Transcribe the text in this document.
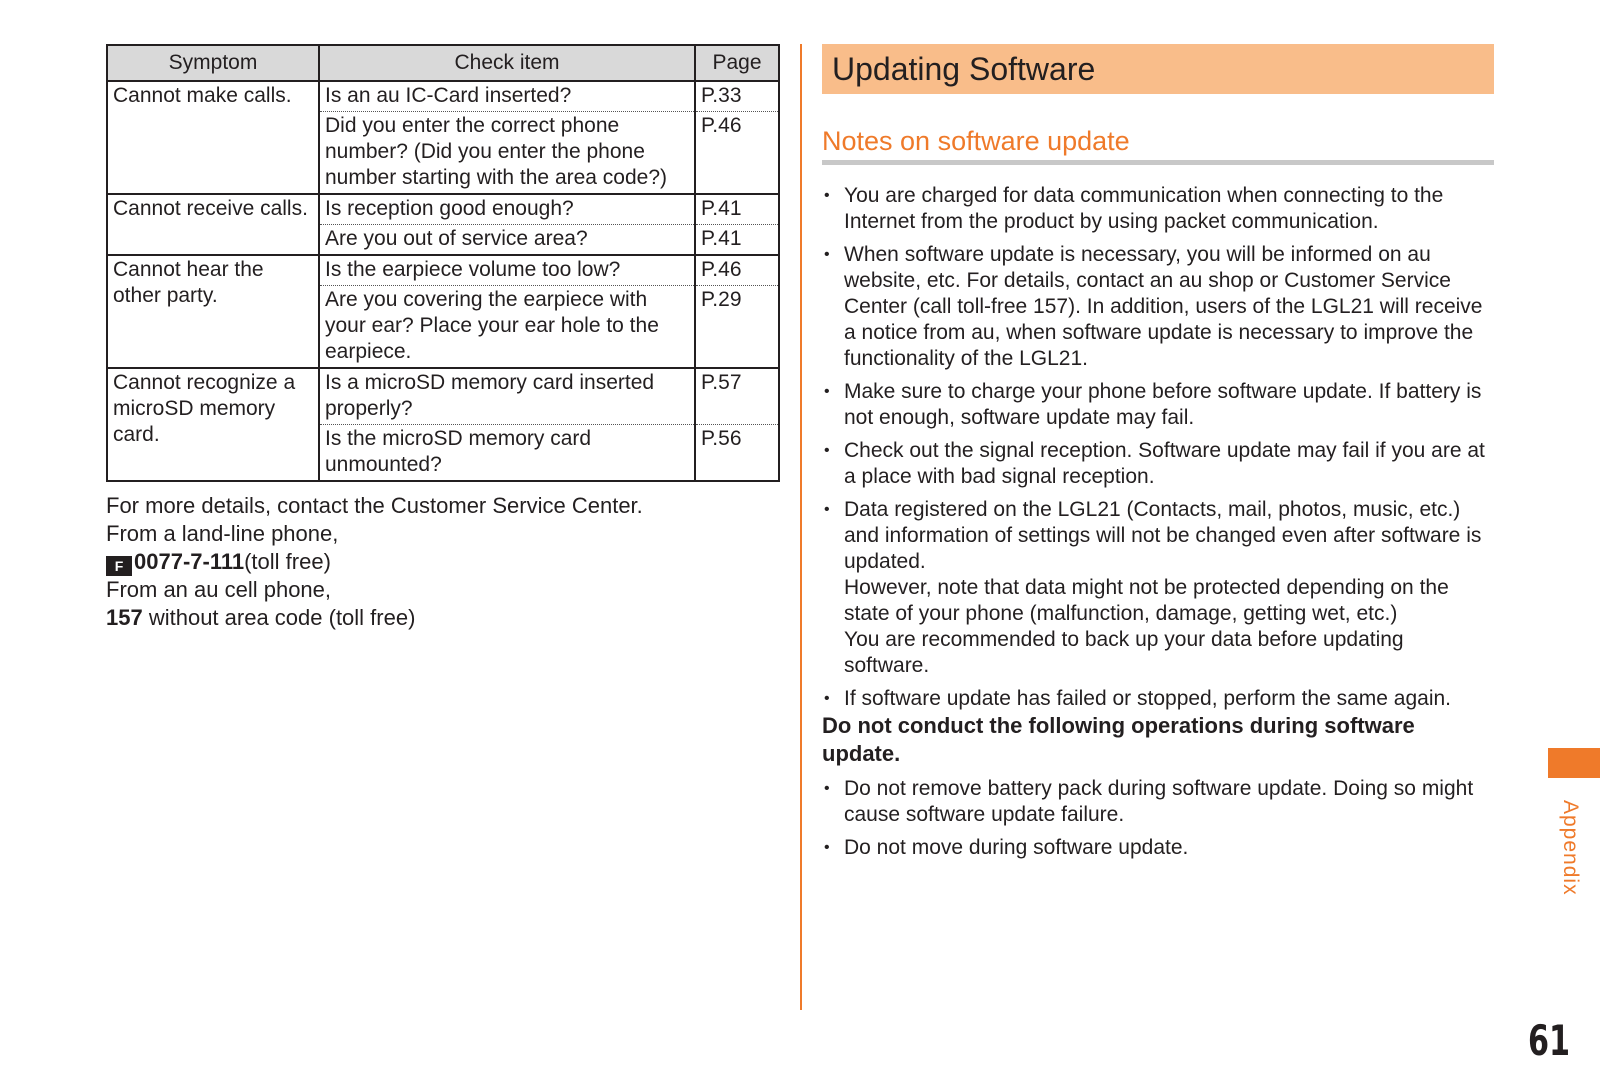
Symptom	Check item	Page
Cannot make calls.	Is an au IC-Card inserted?	P.33
	Did you enter the correct phone number? (Did you enter the phone number starting with the area code?)	P.46
Cannot receive calls.	Is reception good enough?	P.41
	Are you out of service area?	P.41
Cannot hear the other party.	Is the earpiece volume too low?	P.46
	Are you covering the earpiece with your ear? Place your ear hole to the earpiece.	P.29
Cannot recognize a microSD memory card.	Is a microSD memory card inserted properly?	P.57
	Is the microSD memory card unmounted?	P.56
For more details, contact the Customer Service Center.
From a land-line phone,
F 0077-7-111(toll free)
From an au cell phone,
157 without area code (toll free)
Updating Software
Notes on software update

• You are charged for data communication when connecting to the Internet from the product by using packet communication.

• When software update is necessary, you will be informed on au website, etc. For details, contact an au shop or Customer Service Center (call toll-free 157). In addition, users of the LGL21 will receive a notice from au, when software update is necessary to improve the functionality of the LGL21.

• Make sure to charge your phone before software update. If battery is not enough, software update may fail.

• Check out the signal reception. Software update may fail if you are at a place with bad signal reception.

• Data registered on the LGL21 (Contacts, mail, photos, music, etc.) and information of settings will not be changed even after software is updated.

However, note that data might not be protected depending on the state of your phone (malfunction, damage, getting wet, etc.)

You are recommended to back up your data before updating software.

• If software update has failed or stopped, perform the same again.

Do not conduct the following operations during software update.

• Do not remove battery pack during software update. Doing so might cause software update failure.

• Do not move during software update.	Appendix
61
